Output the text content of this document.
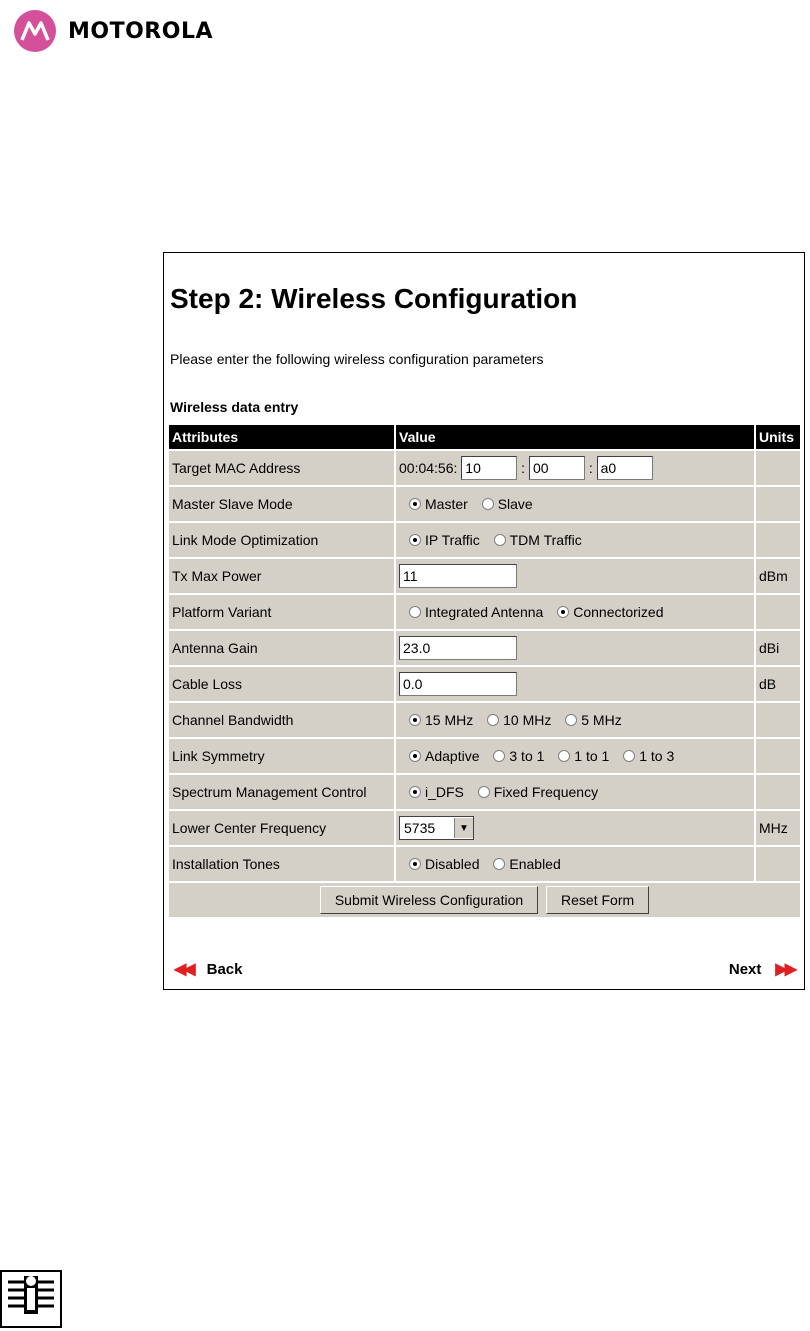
MOTOROLA
Step 2: Wireless Configuration
Please enter the following wireless configuration parameters
Wireless data entry
Attributes	Value	Units
Target MAC Address	00:04:56: 10 : 00 : a0	
Master Slave Mode	Master
Slave	

Link Mode Optimization	IP Traffic
TDM Traffic	

Tx Max Power	11	dBm
Platform Variant	Integrated Antenna
Connectorized	

Antenna Gain	23.0	dBi
Cable Loss	0.0	dB
Channel Bandwidth	15 MHz
10 MHz
5 MHz	

Link Symmetry	Adaptive
3 to 1
1 to 1
1 to 3	

Spectrum Management Control	i_DFS
Fixed Frequency	

Lower Center Frequency	5735 ▼	MHz
Installation Tones	Disabled
Enabled	

Submit Wireless Configuration Reset Form		
◀◀ Back	Next ▶▶
